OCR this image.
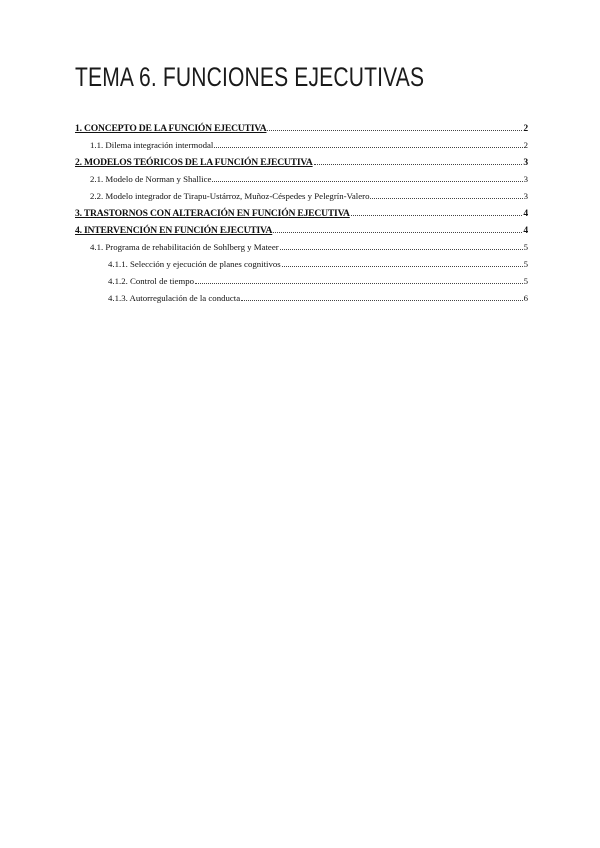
TEMA 6. FUNCIONES EJECUTIVAS
1. CONCEPTO DE LA FUNCIÓN EJECUTIVA	2
1.1. Dilema integración intermodal	2
2. MODELOS TEÓRICOS DE LA FUNCIÓN EJECUTIVA	3
2.1. Modelo de Norman y Shallice	3
2.2. Modelo integrador de Tirapu-Ustárroz, Muñoz-Céspedes y Pelegrín-Valero	3
3. TRASTORNOS CON ALTERACIÓN EN FUNCIÓN EJECUTIVA	4
4. INTERVENCIÓN EN FUNCIÓN EJECUTIVA	4
4.1. Programa de rehabilitación de Sohlberg y Mateer	5
4.1.1. Selección y ejecución de planes cognitivos	5
4.1.2. Control de tiempo	5
4.1.3. Autorregulación de la conducta	6
